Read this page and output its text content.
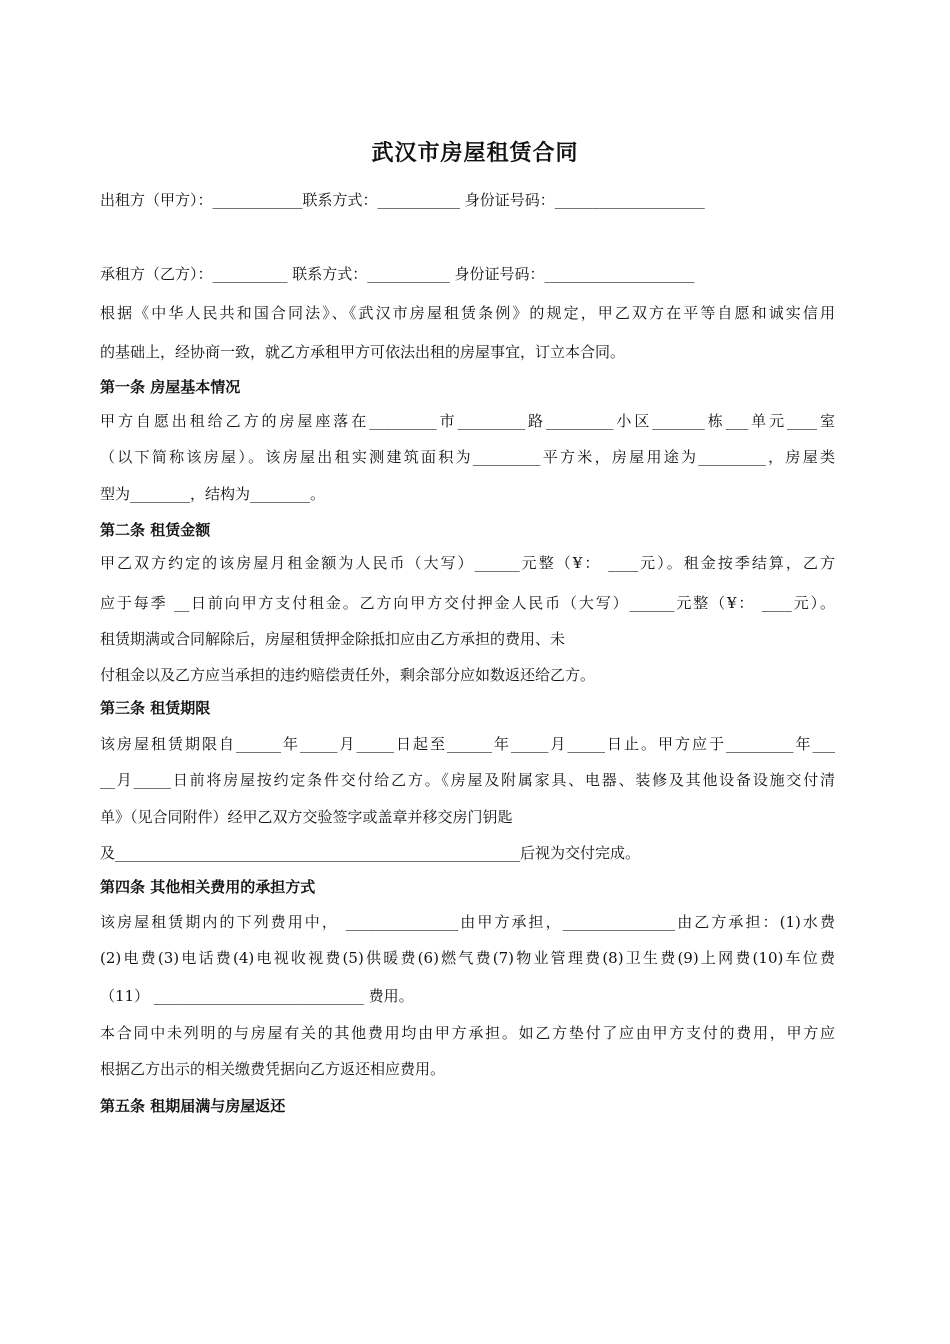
武汉市房屋租赁合同
出租方（甲方）：____________联系方式：___________ 身份证号码：____________________
承租方（乙方）：__________ 联系方式：___________ 身份证号码：____________________
根据《中华人民共和国合同法》、《武汉市房屋租赁条例》的规定，甲乙双方在平等自愿和诚实信用
的基础上，经协商一致，就乙方承租甲方可依法出租的房屋事宜，订立本合同。
第一条 房屋基本情况
甲方自愿出租给乙方的房屋座落在_________市_________路_________小区_______栋___单元____室
（以下简称该房屋）。该房屋出租实测建筑面积为_________平方米，房屋用途为_________，房屋类
型为________，结构为________。
第二条 租赁金额
甲乙双方约定的该房屋月租金额为人民币（大写）______元整（¥： ____元）。租金按季结算，乙方
应于每季 __日前向甲方支付租金。乙方向甲方交付押金人民币（大写）______元整（¥： ____元）。
租赁期满或合同解除后，房屋租赁押金除抵扣应由乙方承担的费用、未
付租金以及乙方应当承担的违约赔偿责任外，剩余部分应如数返还给乙方。
第三条 租赁期限
该房屋租赁期限自______年_____月_____日起至______年_____月_____日止。甲方应于_________年___
__月_____日前将房屋按约定条件交付给乙方。《房屋及附属家具、电器、装修及其他设备设施交付清
单》（见合同附件）经甲乙双方交验签字或盖章并移交房门钥匙
及______________________________________________________后视为交付完成。
第四条 其他相关费用的承担方式
该房屋租赁期内的下列费用中， _______________由甲方承担，_______________由乙方承担：(1)水费
(2)电费(3)电话费(4)电视收视费(5)供暖费(6)燃气费(7)物业管理费(8)卫生费(9)上网费(10)车位费
（11） ____________________________ 费用。
本合同中未列明的与房屋有关的其他费用均由甲方承担。如乙方垫付了应由甲方支付的费用，甲方应
根据乙方出示的相关缴费凭据向乙方返还相应费用。
第五条 租期届满与房屋返还
